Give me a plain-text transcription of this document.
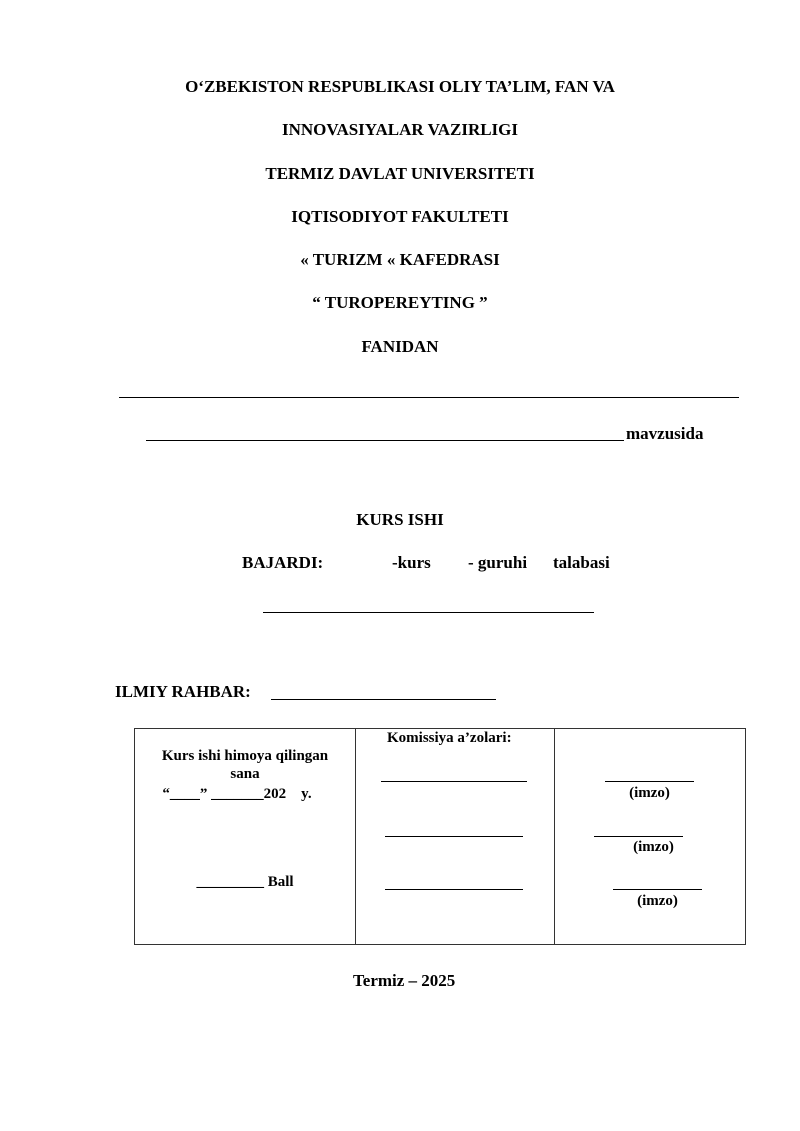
O‘ZBEKISTON RESPUBLIKASI OLIY TA’LIM, FAN VA
INNOVASIYALAR VAZIRLIGI
TERMIZ DAVLAT UNIVERSITETI
IQTISODIYOT FAKULTETI
« TURIZM « KAFEDRASI
“ TUROPEREYTING ”
FANIDAN
mavzusida
KURS ISHI
BAJARDI:	-kurs - guruhi talabasi
ILMIY RAHBAR:
Kurs ishi himoya qilingan
sana
“____” _______202    y.
_________ Ball
Komissiya a’zolari:
(imzo)
(imzo)
(imzo)
Termiz – 2025
